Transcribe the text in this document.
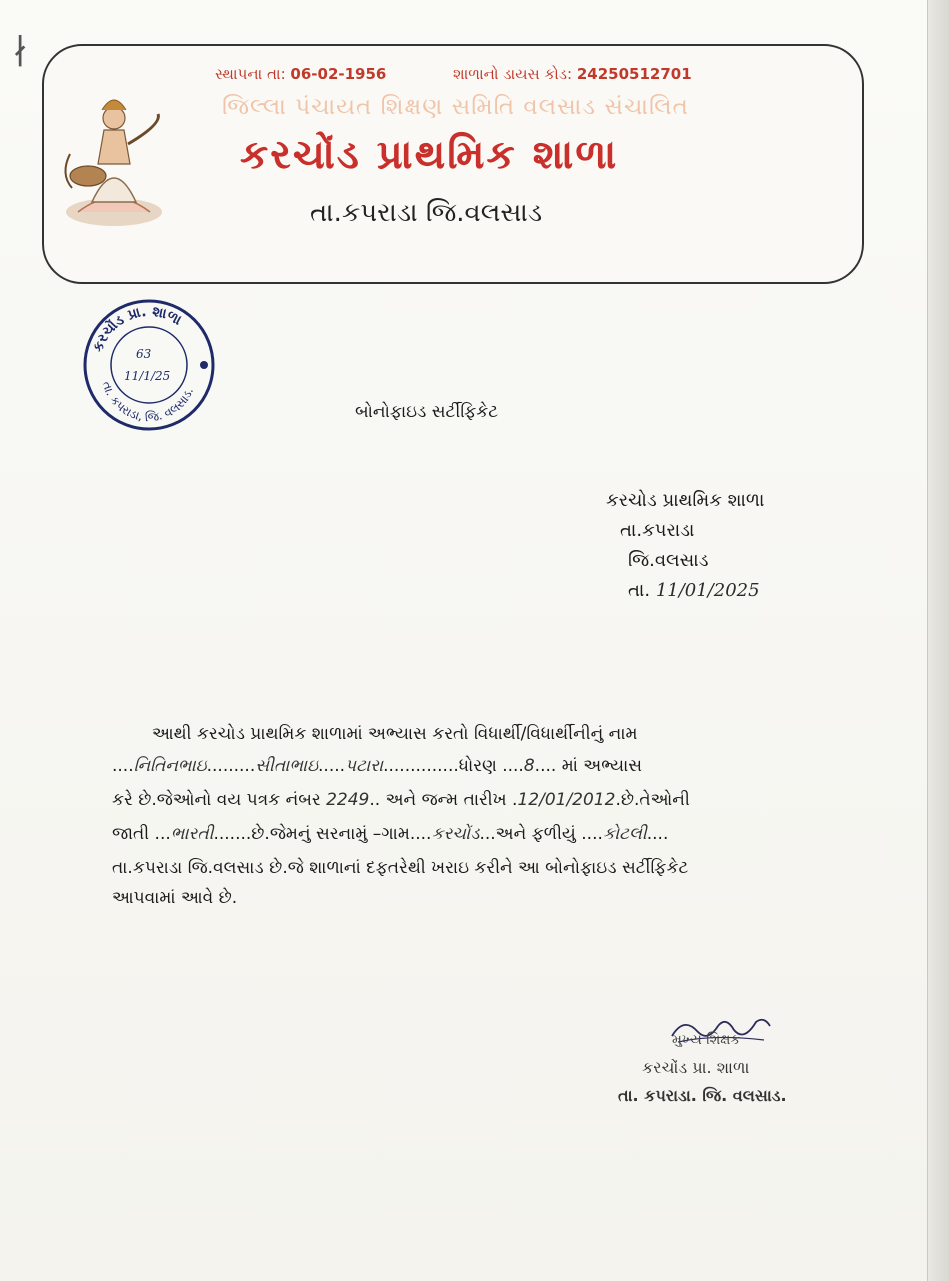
∤
સ્થાપના તા: 06-02-1956	શાળાનો ડાયસ કોડ: 24250512701
જિલ્લા પંચાયત શિક્ષણ સમિતિ વલસાડ સંચાલિત
કરચોંડ પ્રાથમિક શાળા
તા.કપરાડા જિ.વલસાડ
કરચોંડ પ્રા. શાળા
તા. કપરાડા, જિ. વલસાડ.
63
11/1/25
બોનોફાઇડ સર્ટીફિકેટ
કરચોડ પ્રાથમિક શાળા
તા.કપરાડા
જિ.વલસાડ
તા. 11/01/2025
આથી કરચોડ પ્રાથમિક શાળામાં અભ્યાસ કરતો વિધાર્થી/વિધાર્થીનીનું નામ
....નિતિનભાઇ.........સીતાભાઇ.....પટારા..............ધોરણ ....8.... માં અભ્યાસ
કરે છે.જેઓનો વય પત્રક નંબર 2249.. અને જન્મ તારીખ .12/01/2012.છે.તેઓની
જાતી ...ભારતી.......છે.જેમનું સરનામું –ગામ....કરચોંડ...અને ફળીયું ....કોટલી....
તા.કપરાડા જિ.વલસાડ છે.જે શાળાનાં દફતરેથી ખરાઇ કરીને આ બોનોફાઇડ સર્ટીફિકેટ
આપવામાં આવે છે.
મુખ્ય શિક્ષક
કરચોંડ પ્રા. શાળા
તા. કપરાડા. જિ. વલસાડ.
